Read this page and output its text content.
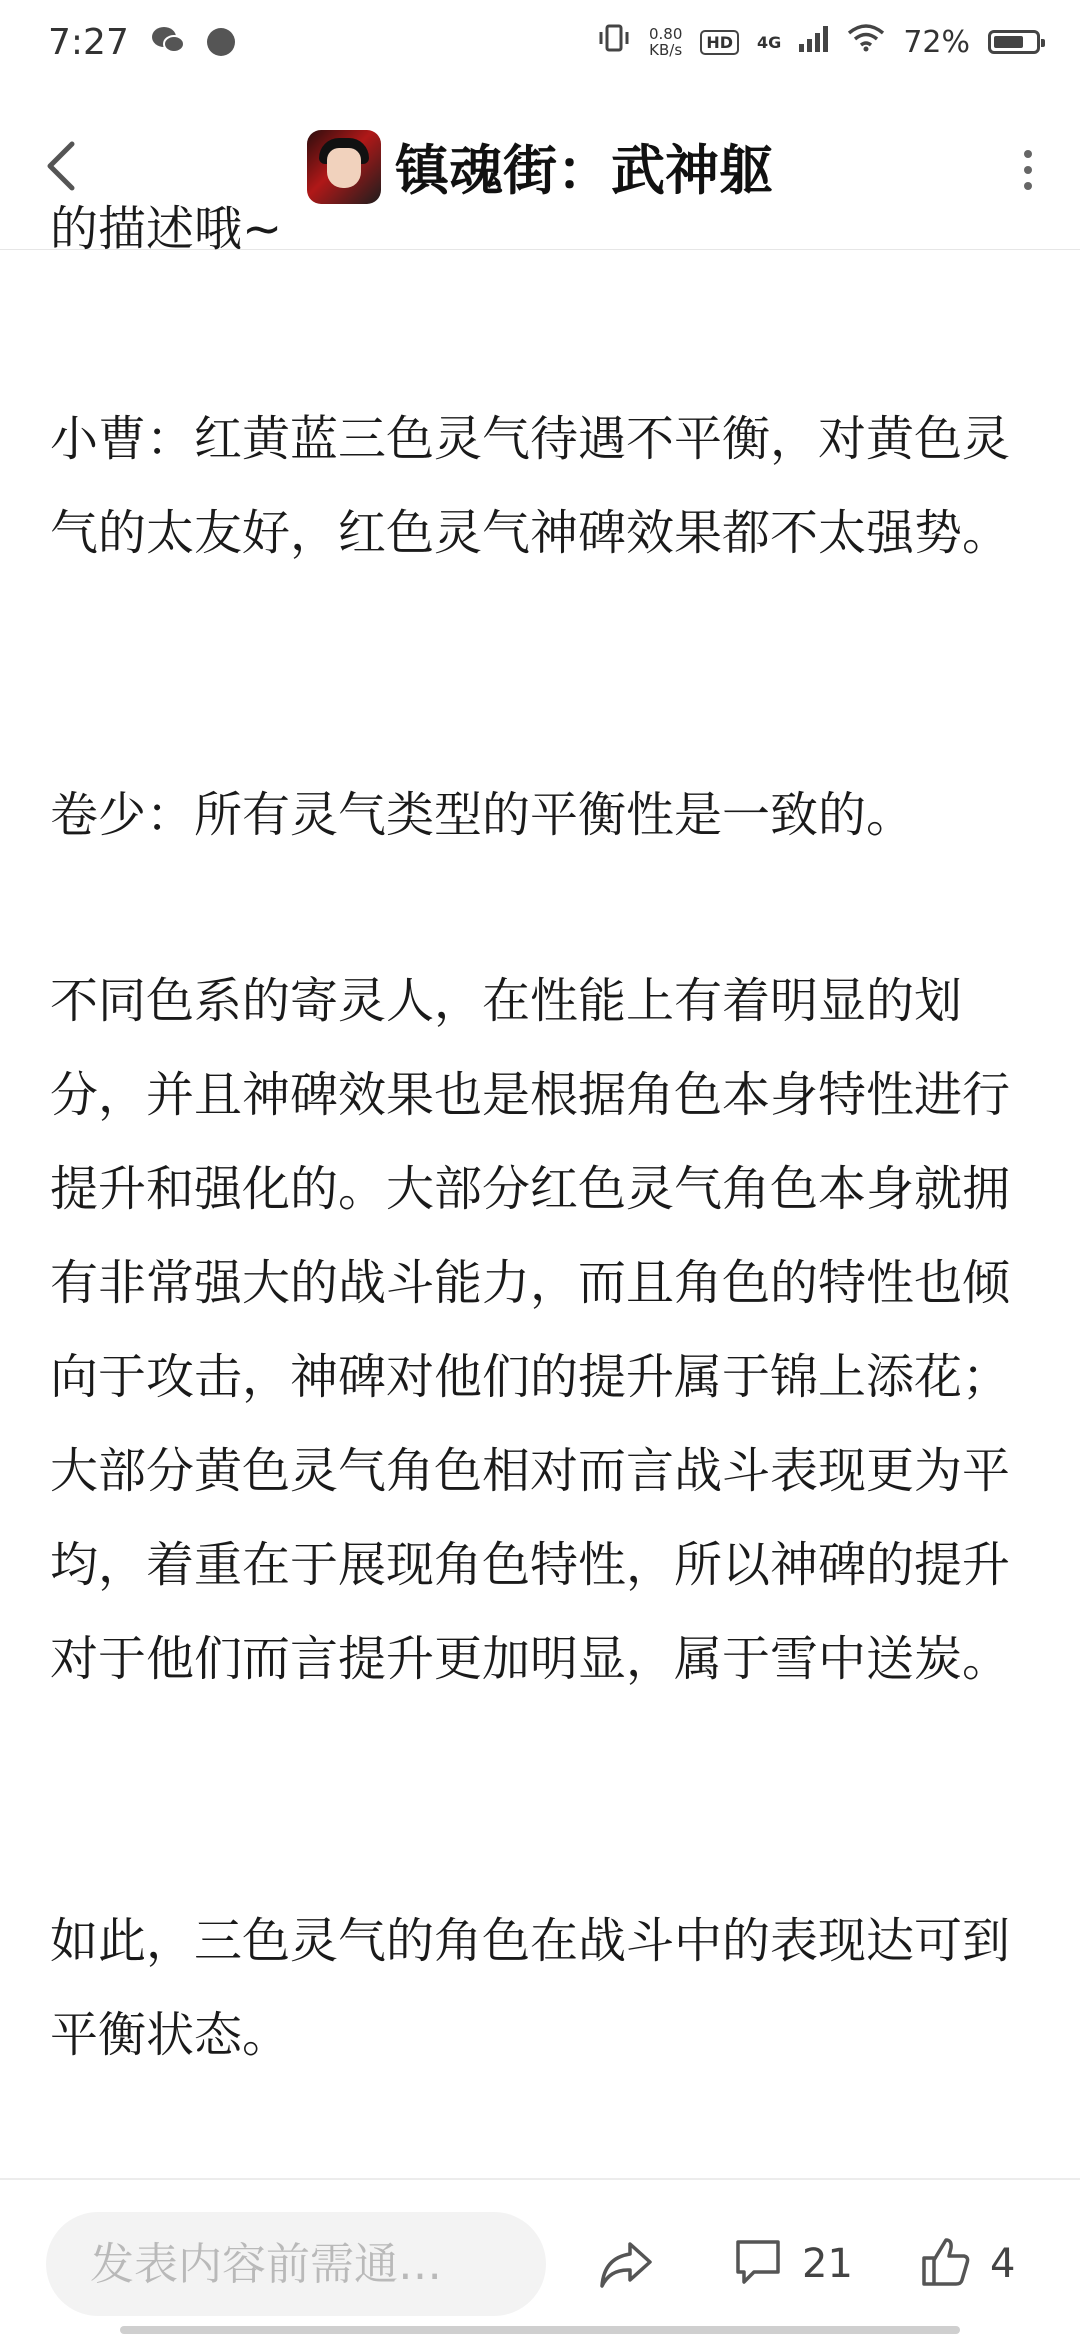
7:27	0.80
KB/s	HD	4G	72%
镇魂街：武神躯

的描述哦~

小曹：红黄蓝三色灵气待遇不平衡，对黄色灵气的太友好，红色灵气神碑效果都不太强势。

卷少：所有灵气类型的平衡性是一致的。

不同色系的寄灵人，在性能上有着明显的划分，并且神碑效果也是根据角色本身特性进行提升和强化的。大部分红色灵气角色本身就拥有非常强大的战斗能力，而且角色的特性也倾向于攻击，神碑对他们的提升属于锦上添花；大部分黄色灵气角色相对而言战斗表现更为平均，着重在于展现角色特性，所以神碑的提升对于他们而言提升更加明显，属于雪中送炭。

如此，三色灵气的角色在战斗中的表现达可到平衡状态。

发表内容前需通…
21	4
